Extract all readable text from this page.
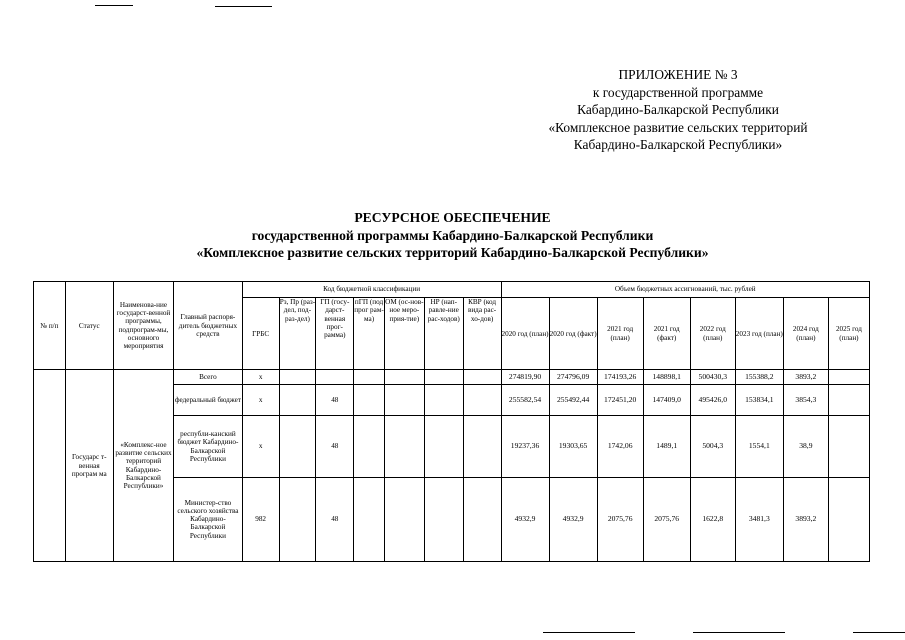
ПРИЛОЖЕНИЕ № 3
к государственной программе
Кабардино-Балкарской Республики
«Комплексное развитие сельских территорий
Кабардино-Балкарской Республики»
РЕСУРСНОЕ ОБЕСПЕЧЕНИЕ
государственной программы Кабардино-Балкарской Республики
«Комплексное развитие сельских территорий Кабардино-Балкарской Республики»
№ п/п	Статус	Наименова-ние государст-венной программы, подпрограм-мы, основного мероприятия	Главный распоря-дитель бюджетных средств	Код бюджетной классификации							Объем бюджетных ассигнований, тыс. рублей							
				ГРБС	Рз, Пр (раз-дел, под-раз-дел)	ГП (госу-дарст-венная прог-рамма)	пГП (под прог рам-ма)	ОМ (ос-нов-ное меро-прия-тие)	НР (нап-равле-ние рас-ходов)	КВР (код вида рас-хо-дов)	2020 год (план)	2020 год (факт)	2021 год (план)	2021 год (факт)	2022 год (план)	2023 год (план)	2024 год (план)	2025 год (план)
	Государс т-венная програм ма	«Комплекс-ное развитие сельских территорий Кабардино-Балкарской Республики»	Всего	х							274819,90	274796,09	174193,26	148898,1	500430,3	155388,2	3893,2	
			федеральный бюджет	х		48					255582,54	255492,44	172451,20	147409,0	495426,0	153834,1	3854,3	
			республи-канский бюджет Кабардино-Балкарской Республики	х		48					19237,36	19303,65	1742,06	1489,1	5004,3	1554,1	38,9	
			Министер-ство сельского хозяйства Кабардино-Балкарской Республики	982		48					4932,9	4932,9	2075,76	2075,76	1622,8	3481,3	3893,2	
